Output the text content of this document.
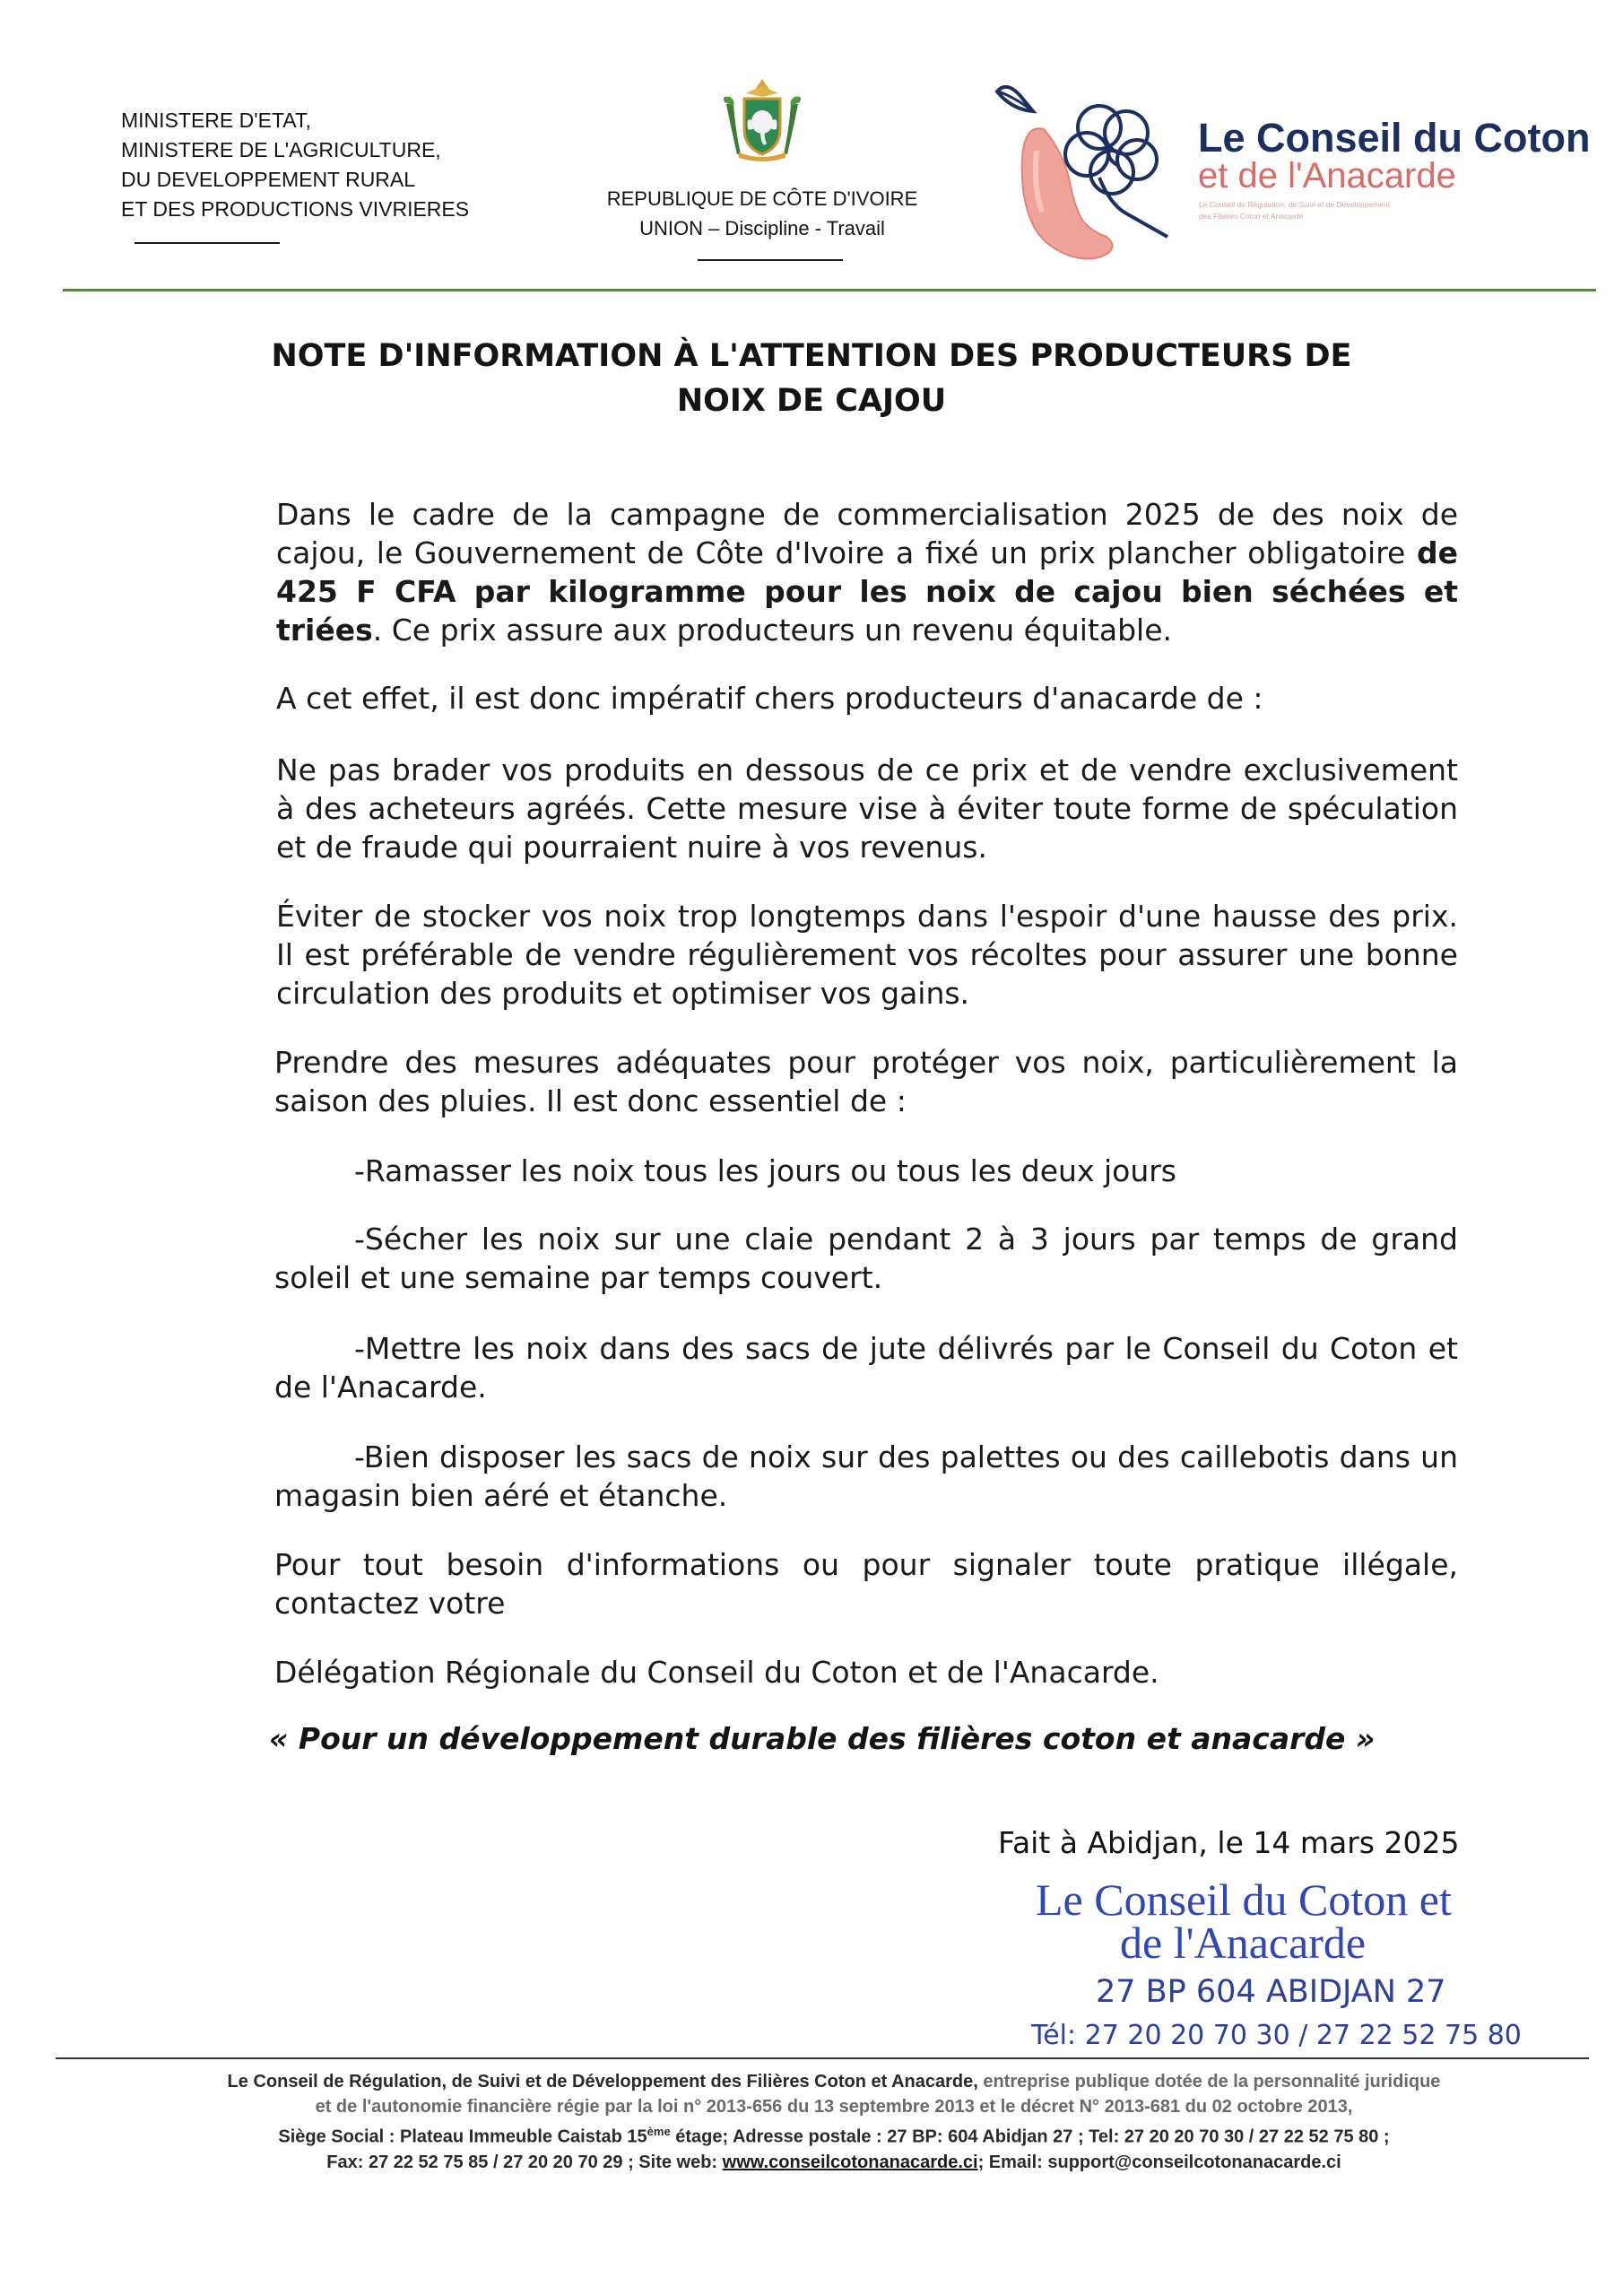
MINISTERE D'ETAT,
MINISTERE DE L'AGRICULTURE,
DU DEVELOPPEMENT RURAL
ET DES PRODUCTIONS VIVRIERES	REPUBLIQUE DE CÔTE D'IVOIRE
UNION – Discipline - Travail
Le Conseil du Coton
et de l'Anacarde
Le Conseil de Régulation, de Suivi et de Développement
des Filières Coton et Anacarde
NOTE D'INFORMATION À L'ATTENTION DES PRODUCTEURS DE NOIX DE CAJOU
Dans le cadre de la campagne de commercialisation 2025 de des noix de cajou, le Gouvernement de Côte d'Ivoire a fixé un prix plancher obligatoire de 425 F CFA par kilogramme pour les noix de cajou bien séchées et triées. Ce prix assure aux producteurs un revenu équitable.
A cet effet, il est donc impératif chers producteurs d'anacarde de :
Ne pas brader vos produits en dessous de ce prix et de vendre exclusivement à des acheteurs agréés. Cette mesure vise à éviter toute forme de spéculation et de fraude qui pourraient nuire à vos revenus.
Éviter de stocker vos noix trop longtemps dans l'espoir d'une hausse des prix. Il est préférable de vendre régulièrement vos récoltes pour assurer une bonne circulation des produits et optimiser vos gains.
Prendre des mesures adéquates pour protéger vos noix, particulièrement la saison des pluies. Il est donc essentiel de :
-Ramasser les noix tous les jours ou tous les deux jours
-Sécher les noix sur une claie pendant 2 à 3 jours par temps de grand soleil et une semaine par temps couvert.
-Mettre les noix dans des sacs de jute délivrés par le Conseil du Coton et de l'Anacarde.
-Bien disposer les sacs de noix sur des palettes ou des caillebotis dans un magasin bien aéré et étanche.
Pour tout besoin d'informations ou pour signaler toute pratique illégale, contactez votre
Délégation Régionale du Conseil du Coton et de l'Anacarde.
« Pour un développement durable des filières coton et anacarde »
Fait à Abidjan, le 14 mars 2025
Le Conseil du Coton et
de l'Anacarde
27 BP 604 ABIDJAN 27
Tél: 27 20 20 70 30 / 27 22 52 75 80
Le Conseil de Régulation, de Suivi et de Développement des Filières Coton et Anacarde, entreprise publique dotée de la personnalité juridique
et de l'autonomie financière régie par la loi n° 2013-656 du 13 septembre 2013 et le décret N° 2013-681 du 02 octobre 2013,
Siège Social : Plateau Immeuble Caistab 15ème étage; Adresse postale : 27 BP: 604 Abidjan 27 ; Tel: 27 20 20 70 30 / 27 22 52 75 80 ;
Fax: 27 22 52 75 85 / 27 20 20 70 29 ; Site web: www.conseilcotonanacarde.ci; Email: support@conseilcotonanacarde.ci
